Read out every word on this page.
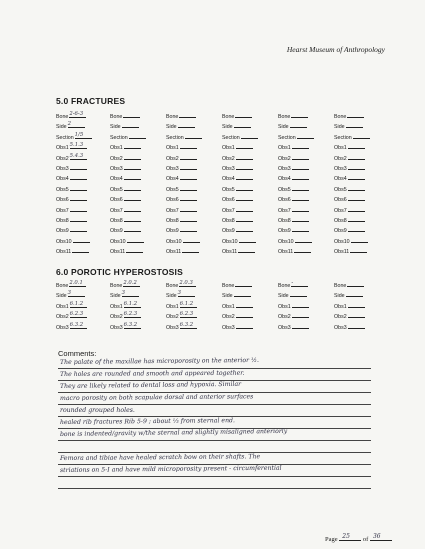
Hearst Museum of Anthropology
5.0 FRACTURES
Bone 2-6-3
Side 2
Section 1/5
Obs1 5.1.3
Obs2 5.4.3
Obs3
Obs4
Obs5
Obs6
Obs7
Obs8
Obs9
Obs10
Obs11
Bone
Side
Section
Obs1
Obs2
Obs3
Obs4
Obs5
Obs6
Obs7
Obs8
Obs9
Obs10
Obs11
Bone
Side
Section
Obs1
Obs2
Obs3
Obs4
Obs5
Obs6
Obs7
Obs8
Obs9
Obs10
Obs11
Bone
Side
Section
Obs1
Obs2
Obs3
Obs4
Obs5
Obs6
Obs7
Obs8
Obs9
Obs10
Obs11
Bone
Side
Section
Obs1
Obs2
Obs3
Obs4
Obs5
Obs6
Obs7
Obs8
Obs9
Obs10
Obs11
Bone
Side
Section
Obs1
Obs2
Obs3
Obs4
Obs5
Obs6
Obs7
Obs8
Obs9
Obs10
Obs11
6.0 POROTIC HYPEROSTOSIS
Bone 2.0.1
Side 3
Obs1 6.1.2
Obs2 6.2.3
Obs3 6.3.2
Bone 2.0.2
Side 3
Obs1 6.1.2
Obs2 6.2.3
Obs3 6.3.2
Bone 2.0.3
Side 3
Obs1 6.1.2
Obs2 6.2.3
Obs3 6.3.2
Bone
Side
Obs1
Obs2
Obs3
Bone -
Side
Obs1
Obs2
Obs3
Bone
Side
Obs1
Obs2
Obs3
Comments:
The palate of the maxillae has microporosity on the anterior ½.
The holes are rounded and smooth and appeared together.
They are likely related to dental loss and hypoxia. Similar
macro porosity on both scapulae dorsal and anterior surfaces
rounded grouped holes.
healed rib fractures Rib 5-9 ; about ⅓ from sternal end.
bone is indented/gravity w/the sternal and slightly misaligned anteriorly
Femora and tibiae have healed scratch bow on their shafts. The
striations on 5-I and have mild microporosity present - circumferential
Page 25 of 36
